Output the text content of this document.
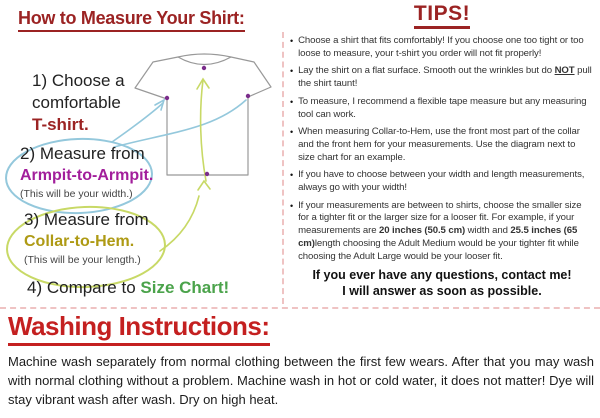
How to Measure Your Shirt:
1) Choose a
comfortable
T-shirt.
2) Measure from
Armpit-to-Armpit.
(This will be your width.)
3) Measure from
Collar-to-Hem.
(This will be your length.)
4) Compare to Size Chart!
TIPS!
• Choose a shirt that fits comfortably! If you choose one too tight or too loose to measure, your t-shirt you order will not fit properly!
• Lay the shirt on a flat surface. Smooth out the wrinkles but do NOT pull the shirt taunt!
• To measure, I recommend a flexible tape measure but any measuring tool can work.
• When measuring Collar-to-Hem, use the front most part of the collar and the front hem for your measurements. Use the diagram next to size chart for an example.
• If you have to choose between your width and length measurements, always go with your width!
• If your measurements are between to shirts, choose the smaller size for a tighter fit or the larger size for a looser fit. For example, if your measurements are 20 inches (50.5 cm) width and 25.5 inches (65 cm)length choosing the Adult Medium would be your tighter fit while choosing the Adult Large would be your looser fit.
If you ever have any questions, contact me!
I will answer as soon as possible.
Washing Instructions:
Machine wash separately from normal clothing between the first few wears. After that you may wash with normal clothing without a problem. Machine wash in hot or cold water, it does not matter! Dye will stay vibrant wash after wash. Dry on high heat.
